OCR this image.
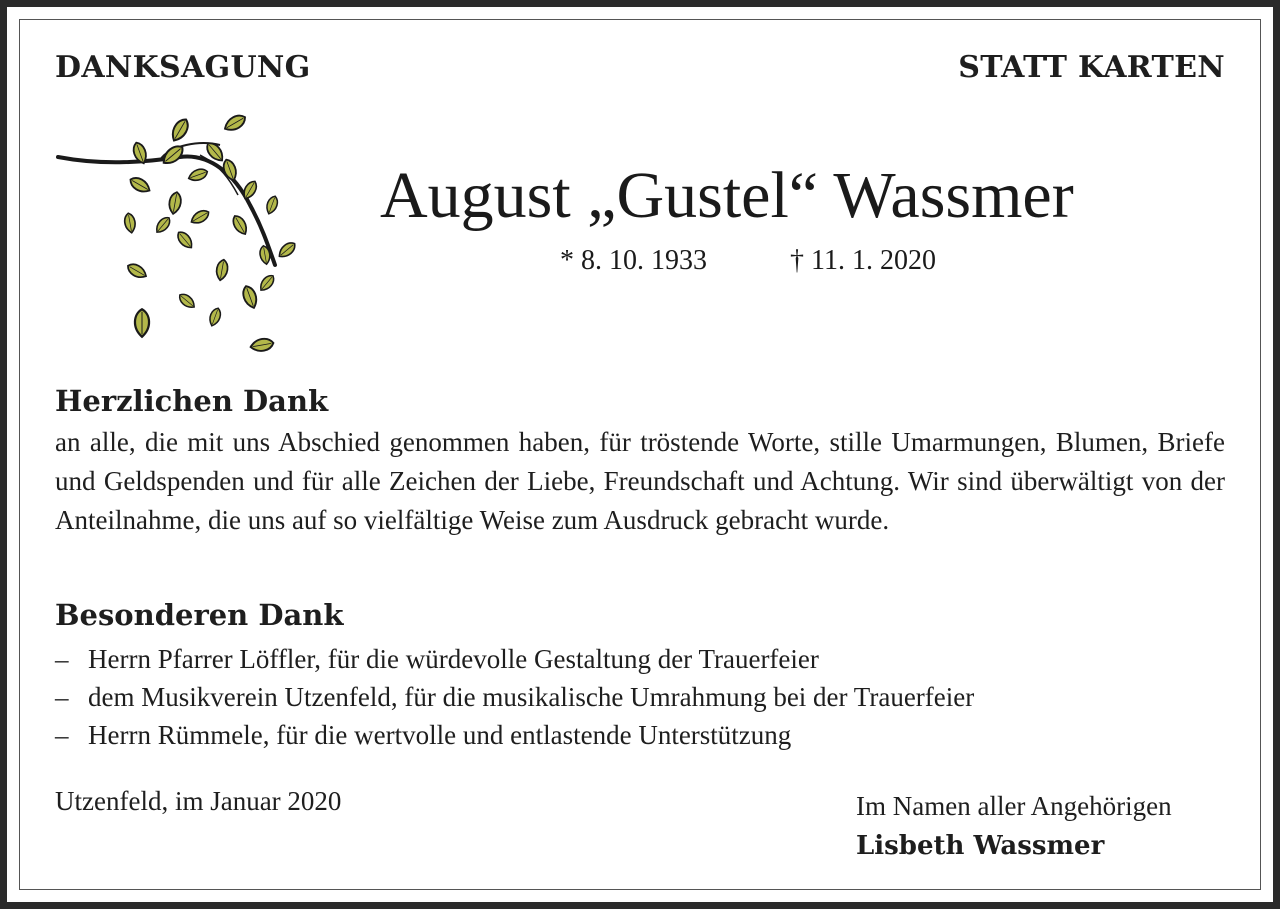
DANKSAGUNG	STATT KARTEN
August „Gustel“ Wassmer
* 8. 10. 1933	† 11. 1. 2020
Herzlichen Dank
an alle, die mit uns Abschied genommen haben, für tröstende Worte, stille Umarmungen, Blumen, Briefe und Geldspenden und für alle Zeichen der Liebe, Freundschaft und Achtung. Wir sind überwältigt von der Anteilnahme, die uns auf so vielfältige Weise zum Ausdruck gebracht wurde.
Besonderen Dank
– Herrn Pfarrer Löffler, für die würdevolle Gestaltung der Trauerfeier
– dem Musikverein Utzenfeld, für die musikalische Umrahmung bei der Trauerfeier
– Herrn Rümmele, für die wertvolle und entlastende Unterstützung
Utzenfeld, im Januar 2020	Im Namen aller Angehörigen
Lisbeth Wassmer
